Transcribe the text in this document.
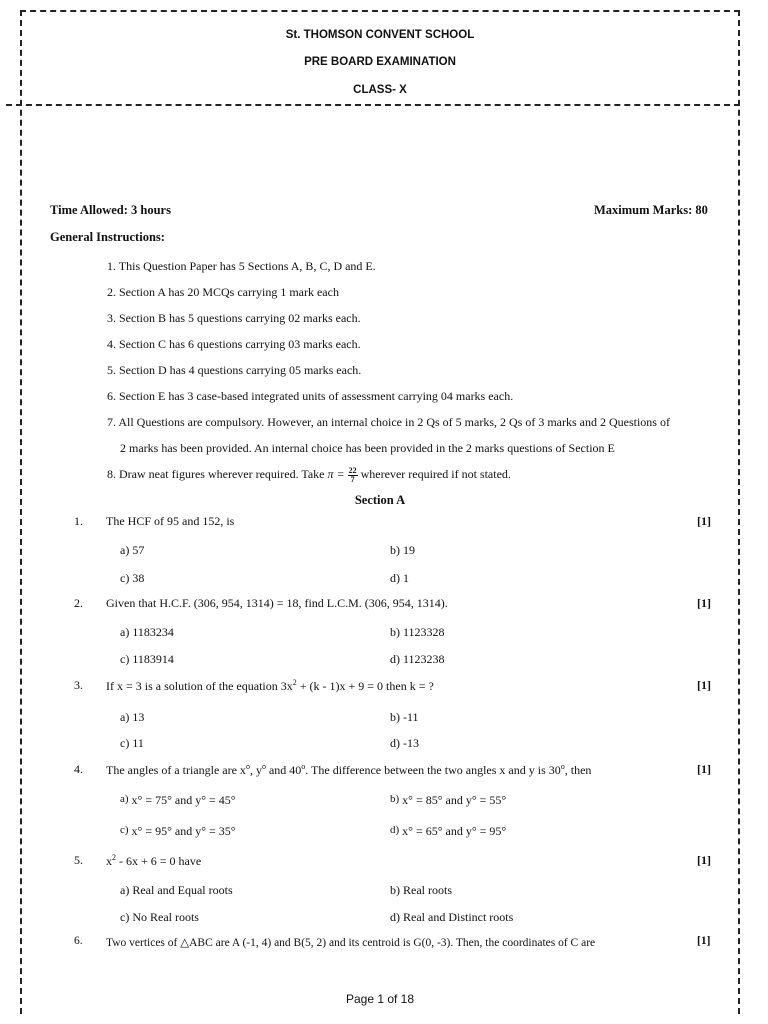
St. THOMSON CONVENT SCHOOL
PRE BOARD EXAMINATION
CLASS- X
Time Allowed: 3 hours	Maximum Marks: 80
General Instructions:
1. This Question Paper has 5 Sections A, B, C, D and E.
2. Section A has 20 MCQs carrying 1 mark each
3. Section B has 5 questions carrying 02 marks each.
4. Section C has 6 questions carrying 03 marks each.
5. Section D has 4 questions carrying 05 marks each.
6. Section E has 3 case-based integrated units of assessment carrying 04 marks each.
7. All Questions are compulsory. However, an internal choice in 2 Qs of 5 marks, 2 Qs of 3 marks and 2 Questions of
2 marks has been provided. An internal choice has been provided in the 2 marks questions of Section E
8. Draw neat figures wherever required. Take $\pi = \frac{22}{7}$ wherever required if not stated.
Section A
1. The HCF of 95 and 152, is	[1]
a) 57	b) 19
c) 38	d) 1
2. Given that H.C.F. (306, 954, 1314) = 18, find L.C.M. (306, 954, 1314).	[1]
a) 1183234	b) 1123328
c) 1183914	d) 1123238
3. If x = 3 is a solution of the equation $3x^2 + (k - 1)x + 9 = 0$ then k = ?	[1]
a) 13	b) -11
c) 11	d) -13
4. The angles of a triangle are $x^o$, $y^o$ and 40$^o$. The difference between the two angles x and y is 30$^o$, then	[1]
a) x° = 75° and y° = 45°	b) x° = 85° and y° = 55°
c) x° = 95° and y° = 35°	d) x° = 65° and y° = 95°
5. $x^2 - 6x + 6 = 0$ have	[1]
a) Real and Equal roots	b) Real roots
c) No Real roots	d) Real and Distinct roots
6. Two vertices of △ABC are A (-1, 4) and B(5, 2) and its centroid is G(0, -3). Then, the coordinates of C are	[1]
Page 1 of 18
